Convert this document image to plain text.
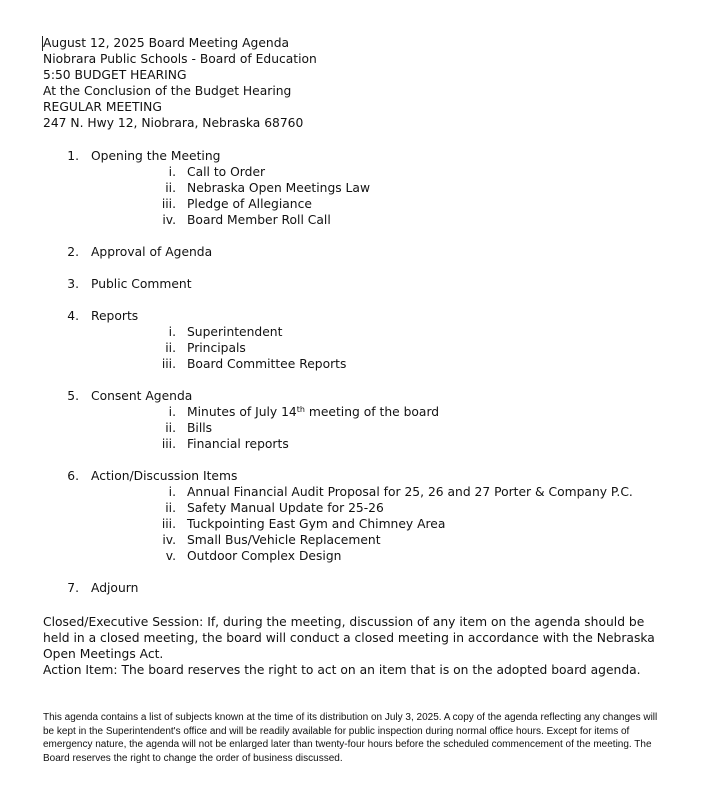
August 12, 2025 Board Meeting Agenda
Niobrara Public Schools - Board of Education
5:50 BUDGET HEARING
At the Conclusion of the Budget Hearing
REGULAR MEETING
247 N. Hwy 12, Niobrara, Nebraska 68760
1. Opening the Meeting
i. Call to Order
ii. Nebraska Open Meetings Law
iii. Pledge of Allegiance
iv. Board Member Roll Call
2. Approval of Agenda
3. Public Comment
4. Reports
i. Superintendent
ii. Principals
iii. Board Committee Reports
5. Consent Agenda
i. Minutes of July 14th meeting of the board
ii. Bills
iii. Financial reports
6. Action/Discussion Items
i. Annual Financial Audit Proposal for 25, 26 and 27 Porter & Company P.C.
ii. Safety Manual Update for 25-26
iii. Tuckpointing East Gym and Chimney Area
iv. Small Bus/Vehicle Replacement
v. Outdoor Complex Design
7. Adjourn
Closed/Executive Session: If, during the meeting, discussion of any item on the agenda should be held in a closed meeting, the board will conduct a closed meeting in accordance with the Nebraska Open Meetings Act.
Action Item: The board reserves the right to act on an item that is on the adopted board agenda.
This agenda contains a list of subjects known at the time of its distribution on July 3, 2025. A copy of the agenda reflecting any changes will be kept in the Superintendent's office and will be readily available for public inspection during normal office hours. Except for items of emergency nature, the agenda will not be enlarged later than twenty-four hours before the scheduled commencement of the meeting. The Board reserves the right to change the order of business discussed.
